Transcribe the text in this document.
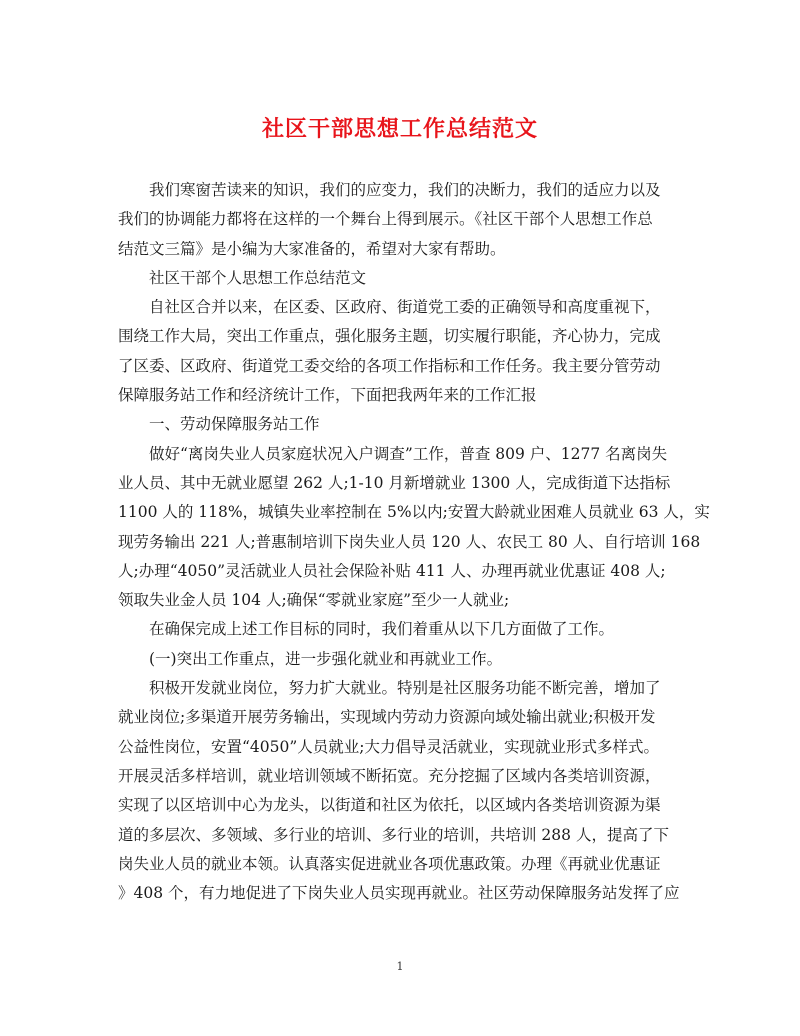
社区干部思想工作总结范文
我们寒窗苦读来的知识，我们的应变力，我们的决断力，我们的适应力以及
我们的协调能力都将在这样的一个舞台上得到展示。《社区干部个人思想工作总
结范文三篇》是小编为大家准备的，希望对大家有帮助。
社区干部个人思想工作总结范文
自社区合并以来，在区委、区政府、街道党工委的正确领导和高度重视下，
围绕工作大局，突出工作重点，强化服务主题，切实履行职能，齐心协力，完成
了区委、区政府、街道党工委交给的各项工作指标和工作任务。我主要分管劳动
保障服务站工作和经济统计工作，下面把我两年来的工作汇报
一、劳动保障服务站工作
做好“离岗失业人员家庭状况入户调查”工作，普查 809 户、1277 名离岗失
业人员、其中无就业愿望 262 人;1-10 月新增就业 1300 人，完成街道下达指标
1100 人的 118%，城镇失业率控制在 5%以内;安置大龄就业困难人员就业 63 人，实
现劳务输出 221 人;普惠制培训下岗失业人员 120 人、农民工 80 人、自行培训 168
人;办理“4050”灵活就业人员社会保险补贴 411 人、办理再就业优惠证 408 人;
领取失业金人员 104 人;确保“零就业家庭”至少一人就业;
在确保完成上述工作目标的同时，我们着重从以下几方面做了工作。
(一)突出工作重点，进一步强化就业和再就业工作。
积极开发就业岗位，努力扩大就业。特别是社区服务功能不断完善，增加了
就业岗位;多渠道开展劳务输出，实现域内劳动力资源向域处输出就业;积极开发
公益性岗位，安置“4050”人员就业;大力倡导灵活就业，实现就业形式多样式。
开展灵活多样培训，就业培训领域不断拓宽。充分挖掘了区域内各类培训资源，
实现了以区培训中心为龙头，以街道和社区为依托，以区域内各类培训资源为渠
道的多层次、多领域、多行业的培训、多行业的培训，共培训 288 人，提高了下
岗失业人员的就业本领。认真落实促进就业各项优惠政策。办理《再就业优惠证
》408 个，有力地促进了下岗失业人员实现再就业。社区劳动保障服务站发挥了应
1
